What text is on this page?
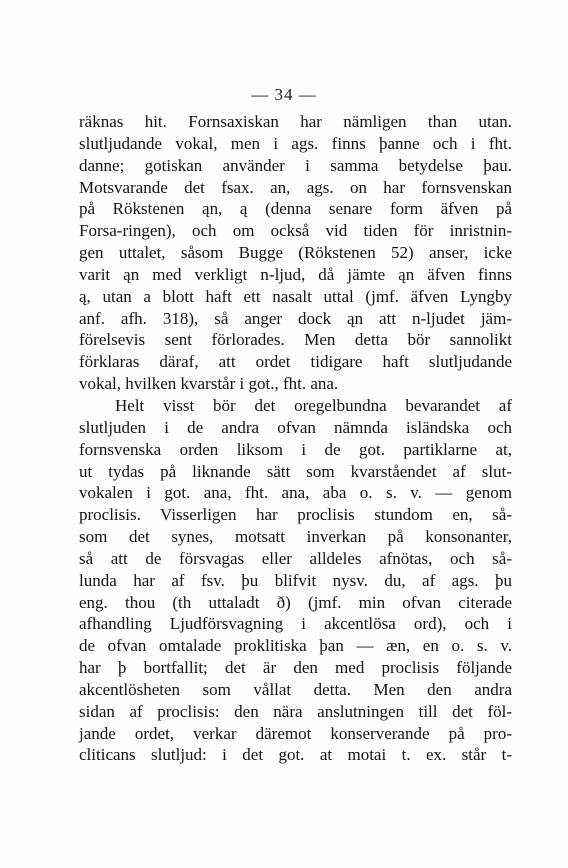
— 34 —
räknas hit. Fornsaxiskan har nämligen than utan.
slutljudande vokal, men i ags. finns þanne och i fht.
danne; gotiskan använder i samma betydelse þau.
Motsvarande det fsax. an, ags. on har fornsvenskan
på Rökstenen ąn, ą (denna senare form äfven på
Forsa-ringen), och om också vid tiden för inristnin-
gen uttalet, såsom Bugge (Rökstenen 52) anser, icke
varit ąn med verkligt n-ljud, då jämte ąn äfven finns
ą, utan a blott haft ett nasalt uttal (jmf. äfven Lyngby
anf. afh. 318), så anger dock ąn att n-ljudet jäm-
förelsevis sent förlorades. Men detta bör sannolikt
förklaras däraf, att ordet tidigare haft slutljudande
vokal, hvilken kvarstår i got., fht. ana.
Helt visst bör det oregelbundna bevarandet af
slutljuden i de andra ofvan nämnda isländska och
fornsvenska orden liksom i de got. partiklarne at,
ut tydas på liknande sätt som kvarståendet af slut-
vokalen i got. ana, fht. ana, aba o. s. v. — genom
proclisis. Visserligen har proclisis stundom en, så-
som det synes, motsatt inverkan på konsonanter,
så att de försvagas eller alldeles afnötas, och så-
lunda har af fsv. þu blifvit nysv. du, af ags. þu
eng. thou (th uttaladt ð) (jmf. min ofvan citerade
afhandling Ljudförsvagning i akcentlösa ord), och i
de ofvan omtalade proklitiska þan — æn, en o. s. v.
har þ bortfallit; det är den med proclisis följande
akcentlösheten som vållat detta. Men den andra
sidan af proclisis: den nära anslutningen till det föl-
jande ordet, verkar däremot konserverande på pro-
cliticans slutljud: i det got. at motai t. ex. står t-
